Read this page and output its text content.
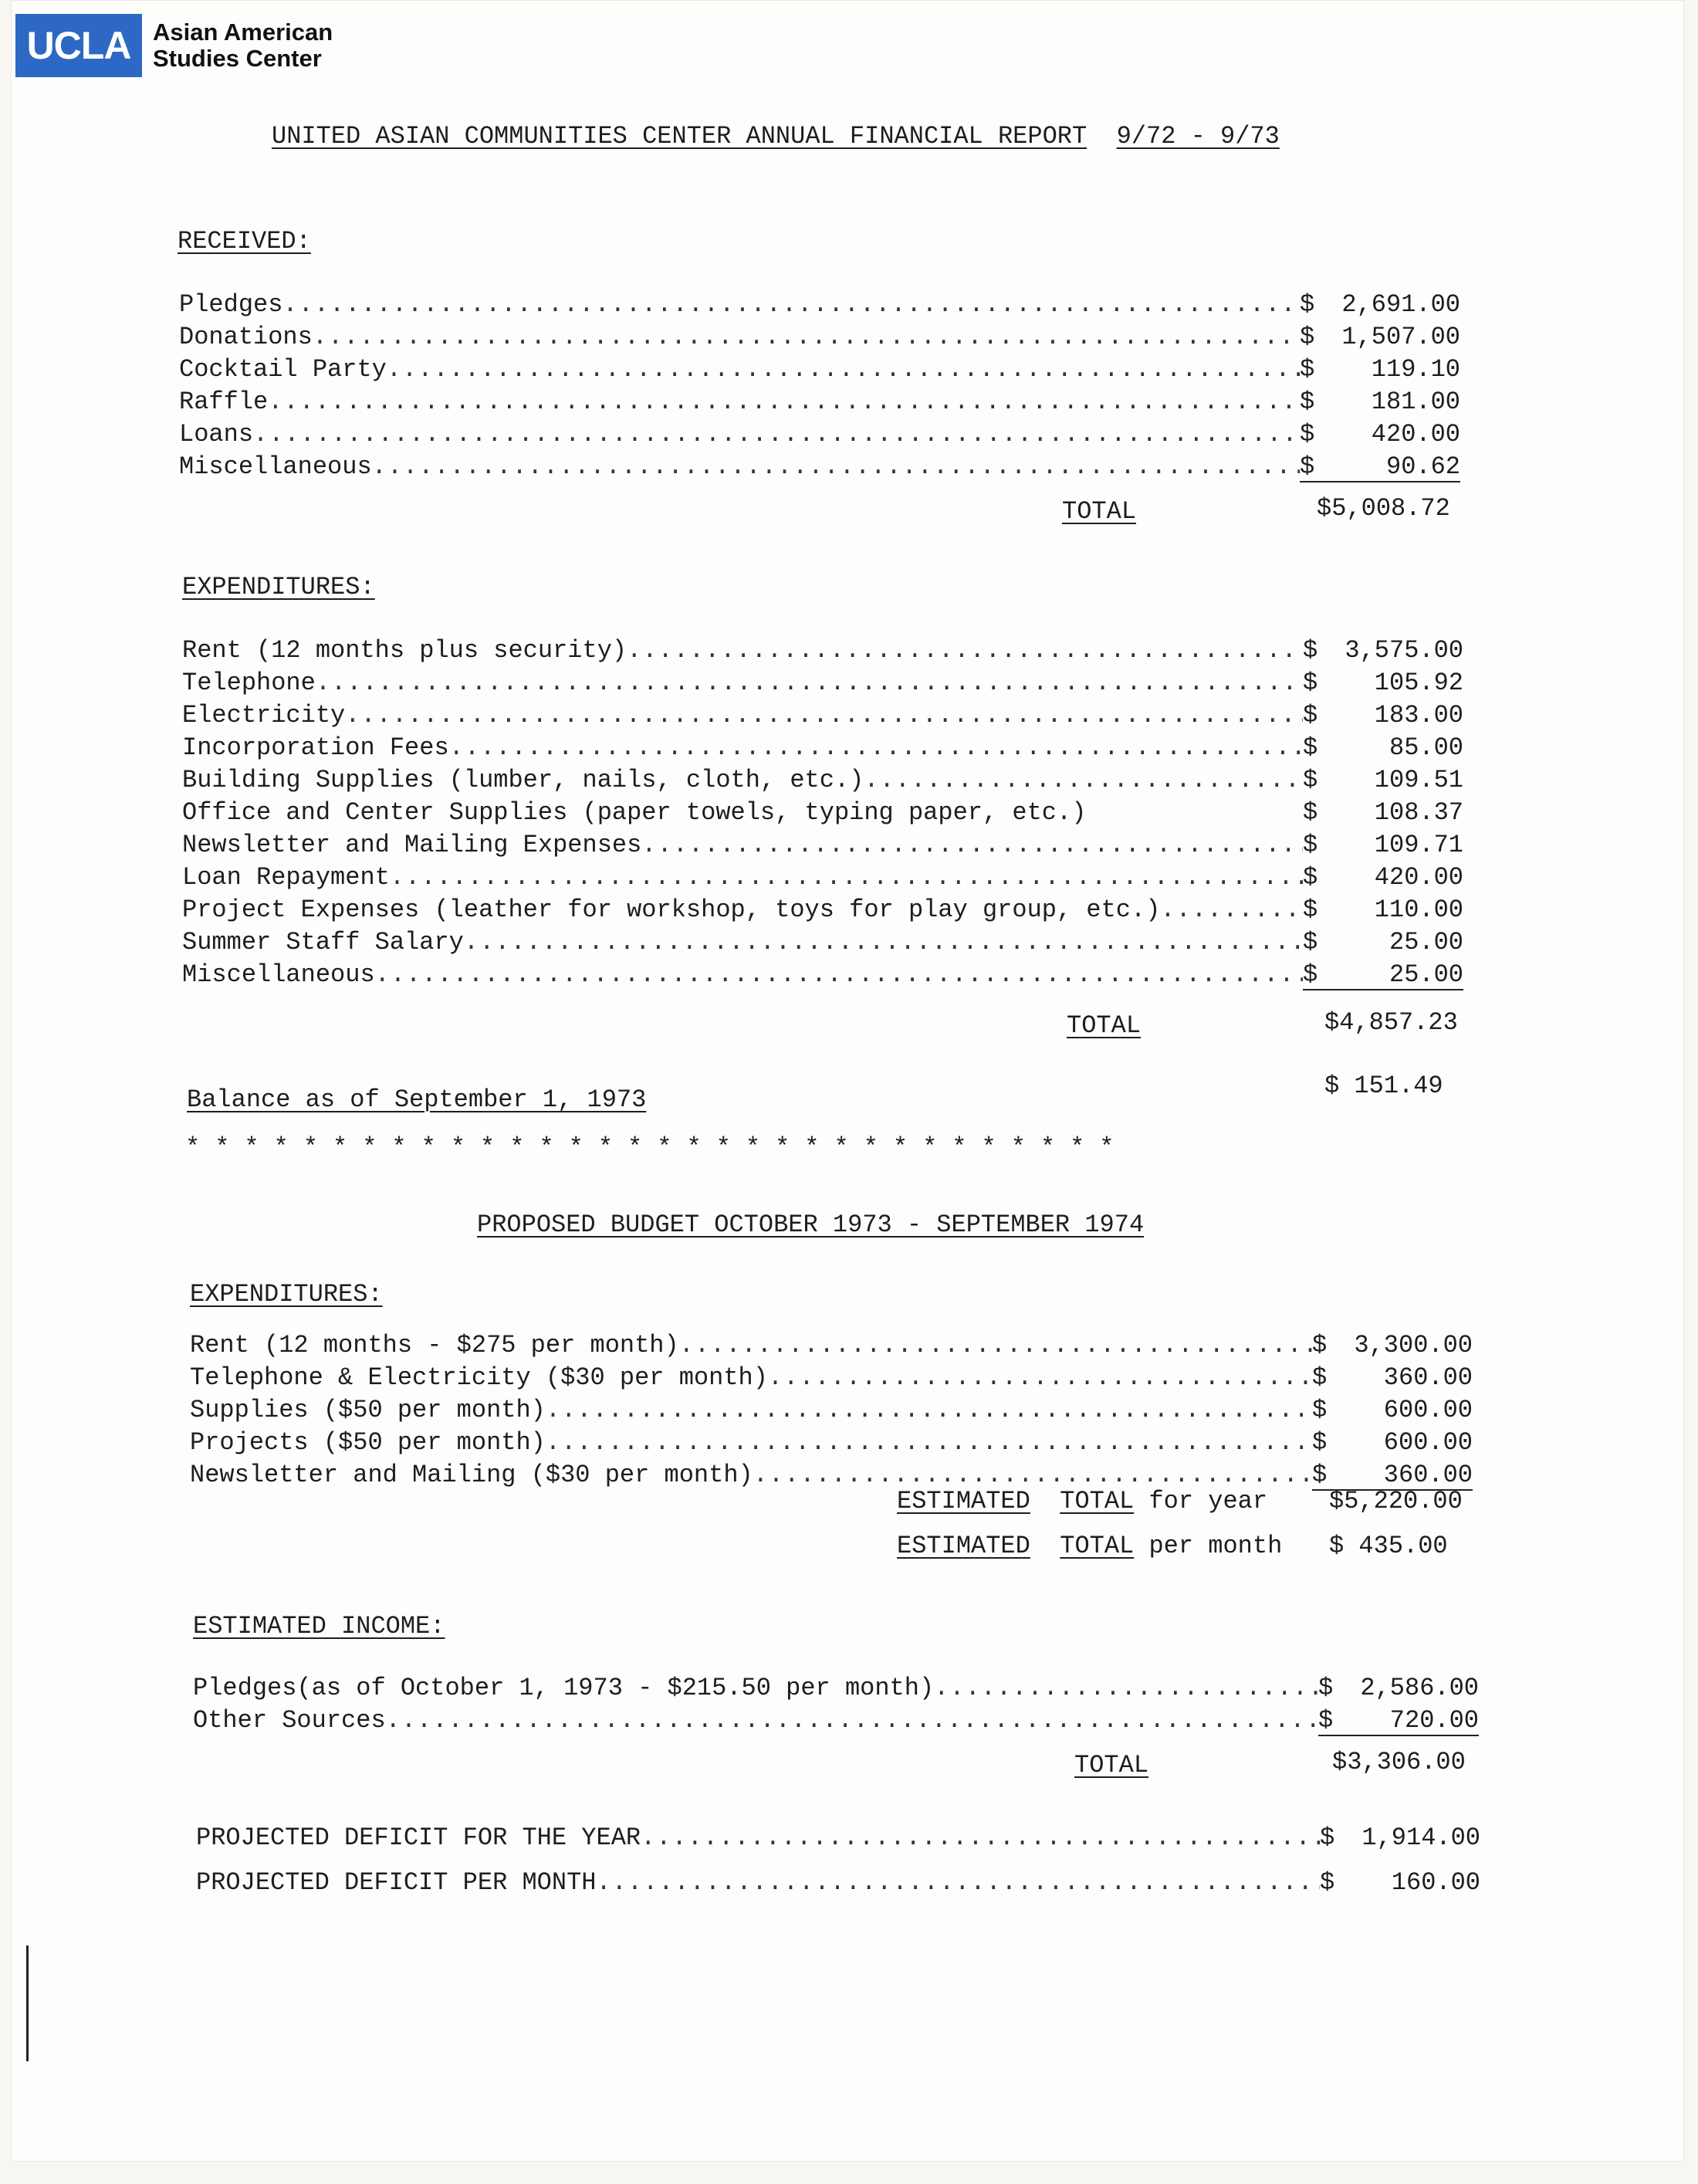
UCLA Asian American
Studies Center
UNITED ASIAN COMMUNITIES CENTER ANNUAL FINANCIAL REPORT 9/72 - 9/73
RECEIVED:
Pledges .....	$ 2,691.00
Donations .....	$ 1,507.00
Cocktail Party .....	$ 119.10
Raffle .....	$ 181.00
Loans .....	$ 420.00
Miscellaneous .....	$	90.62
TOTAL	$5,008.72
EXPENDITURES:
Rent (12 months plus security) .....	$ 3,575.00
Telephone .....	$ 105.92
Electricity .....	$ 183.00
Incorporation Fees .....	$	85.00
Building Supplies (lumber, nails, cloth, etc.) .....	$ 109.51
Office and Center Supplies (paper towels, typing paper, etc.)	$ 108.37
Newsletter and Mailing Expenses .....	$ 109.71
Loan Repayment .....	$ 420.00
Project Expenses (leather for workshop, toys for play group, etc.) .....	$ 110.00
Summer Staff Salary .....	$	25.00
Miscellaneous .....	$	25.00
TOTAL	$4,857.23
Balance as of September 1, 1973	$ 151.49
********************************
PROPOSED BUDGET OCTOBER 1973 - SEPTEMBER 1974
EXPENDITURES:
Rent (12 months - $275 per month) .....	$ 3,300.00
Telephone & Electricity ($30 per month) .....	$ 360.00
Supplies ($50 per month) .....	$ 600.00
Projects ($50 per month) .....	$ 600.00
Newsletter and Mailing ($30 per month) .....	$ 360.00
ESTIMATED TOTAL for year $5,220.00
ESTIMATED TOTAL per month $ 435.00
ESTIMATED INCOME:
Pledges(as of October 1, 1973 - $215.50 per month) .....	$ 2,586.00
Other Sources .....	$ 720.00
TOTAL	$3,306.00
PROJECTED DEFICIT FOR THE YEAR .....	$ 1,914.00
PROJECTED DEFICIT PER MONTH .....	$ 160.00
